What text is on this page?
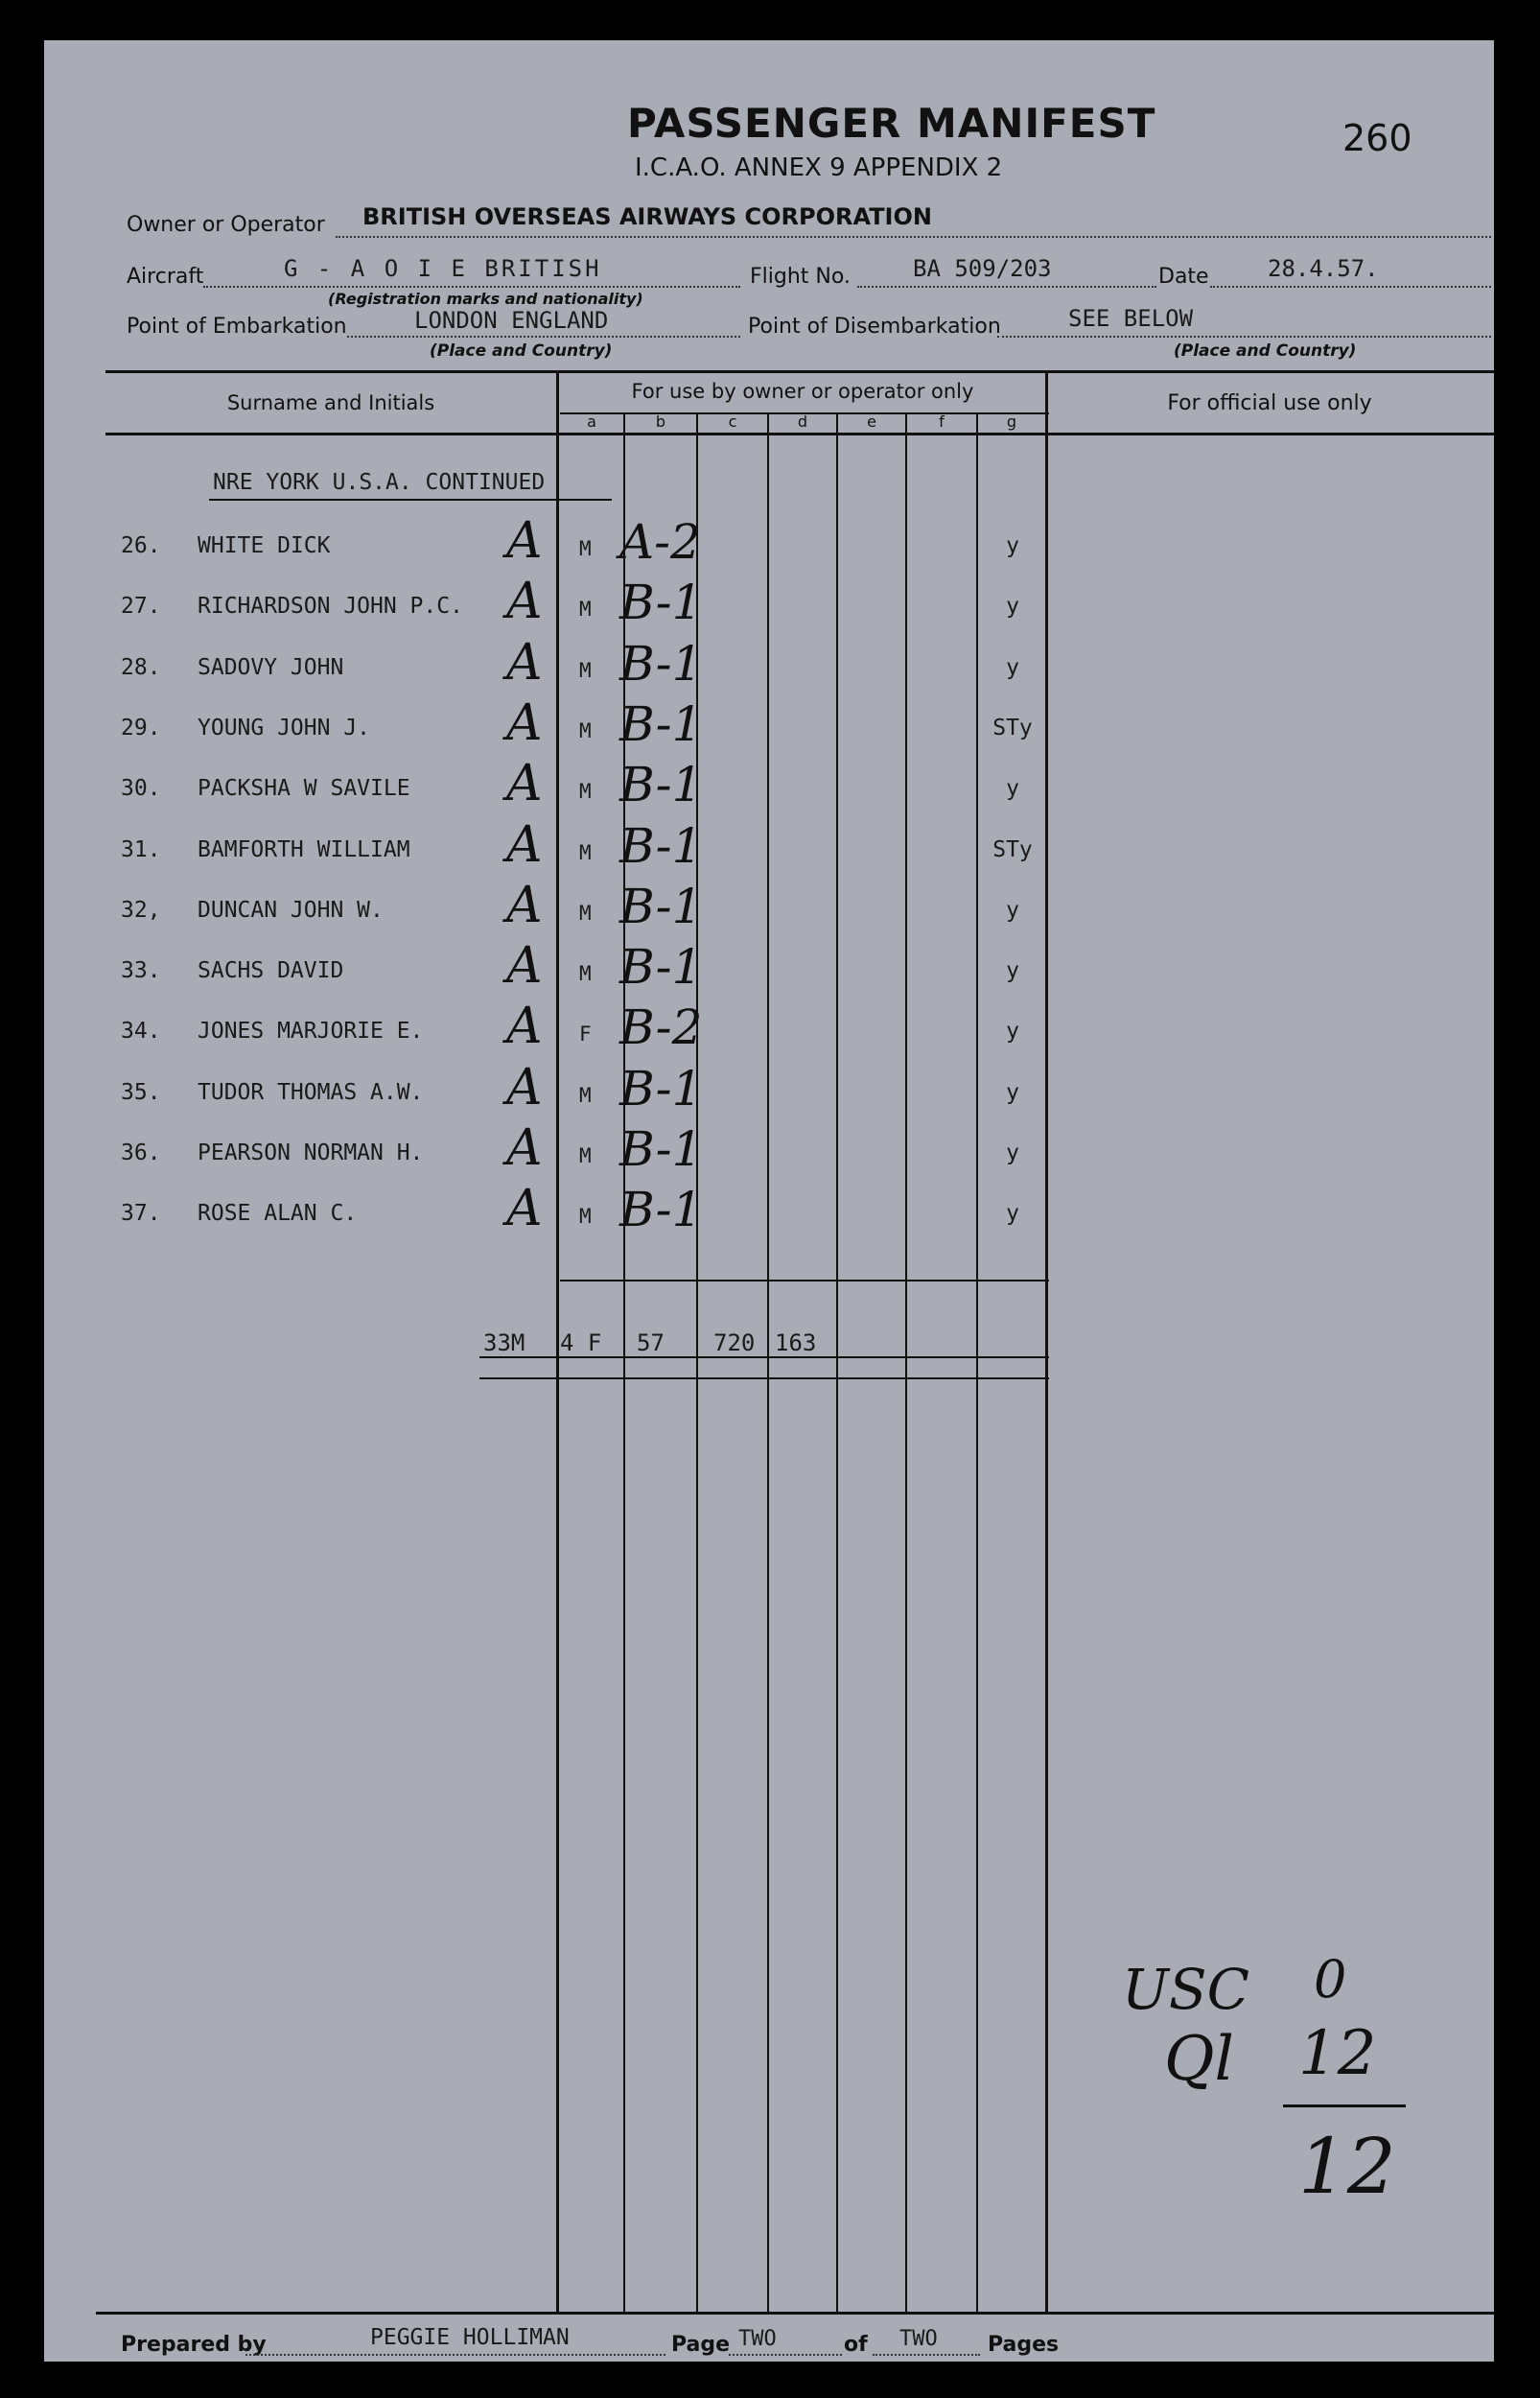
PASSENGER MANIFEST
I.C.A.O. ANNEX 9 APPENDIX 2
260
Owner or Operator BRITISH OVERSEAS AIRWAYS CORPORATION
Aircraft	G - A O I E BRITISH
(Registration marks and nationality)
Flight No.	BA 509/203	Date	28.4.57.
Point of Embarkation	LONDON ENGLAND
(Place and Country)
Point of Disembarkation	SEE BELOW
(Place and Country)
Surname and Initials	For use by owner or operator only	For official use only
a	b	c	d	e	f	g
NRE YORK U.S.A. CONTINUED
26. WHITE DICK	A M A-2	y
27. RICHARDSON JOHN P.C. A M B-1	y
28. SADOVY JOHN	A M B-1	y
29. YOUNG JOHN J.	A M B-1	STy
30. PACKSHA W SAVILE A M B-1	y
31. BAMFORTH WILLIAM A M B-1	STy
32, DUNCAN JOHN W. A M B-1	y
33. SACHS DAVID	A M B-1	y
34. JONES MARJORIE E. A F B-2	y
35. TUDOR THOMAS A.W. A M B-1	y
36. PEARSON NORMAN H. A M B-1	y
37. ROSE ALAN C.	A M B-1	y
33M 4 F 57 720 163
USC 0
Ql 12
12
Prepared by	PEGGIE HOLLIMAN	Page TWO	of TWO Pages
